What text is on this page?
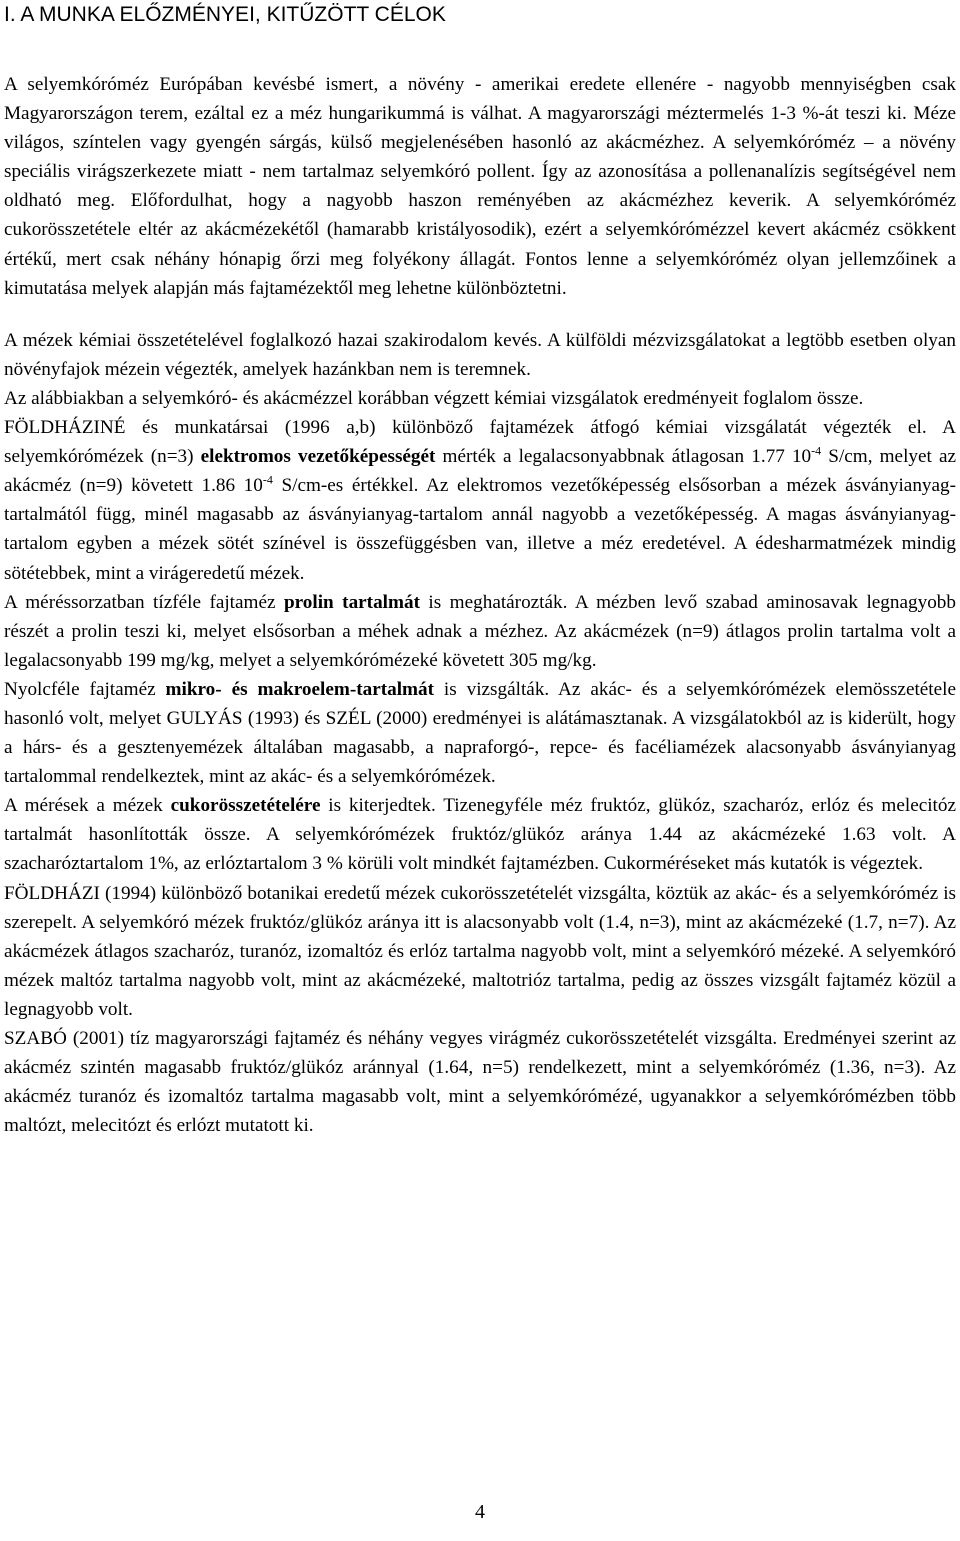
I. A MUNKA ELŐZMÉNYEI, KITŰZÖTT CÉLOK

A selyemkóróméz Európában kevésbé ismert, a növény - amerikai eredete ellenére - nagyobb mennyiségben csak Magyarországon terem, ezáltal ez a méz hungarikummá is válhat. A magyarországi méztermelés 1-3 %-át teszi ki. Méze világos, színtelen vagy gyengén sárgás, külső megjelenésében hasonló az akácmézhez. A selyemkóróméz – a növény speciális virágszerkezete miatt - nem tartalmaz selyemkóró pollent. Így az azonosítása a pollenanalízis segítségével nem oldható meg. Előfordulhat, hogy a nagyobb haszon reményében az akácmézhez keverik. A selyemkóróméz cukorösszetétele eltér az akácmézekétől (hamarabb kristályosodik), ezért a selyemkórómézzel kevert akácméz csökkent értékű, mert csak néhány hónapig őrzi meg folyékony állagát. Fontos lenne a selyemkóróméz olyan jellemzőinek a kimutatása melyek alapján más fajtamézektől meg lehetne különböztetni.

A mézek kémiai összetételével foglalkozó hazai szakirodalom kevés. A külföldi mézvizsgálatokat a legtöbb esetben olyan növényfajok mézein végezték, amelyek hazánkban nem is teremnek.

Az alábbiakban a selyemkóró- és akácmézzel korábban végzett kémiai vizsgálatok eredményeit foglalom össze.

FÖLDHÁZINÉ és munkatársai (1996 a,b) különböző fajtamézek átfogó kémiai vizsgálatát végezték el. A selyemkórómézek (n=3) elektromos vezetőképességét mérték a legalacsonyabbnak átlagosan 1.77 $10^{-4}$ S/cm, melyet az akácméz (n=9) követett 1.86 $10^{-4}$ S/cm-es értékkel. Az elektromos vezetőképesség elsősorban a mézek ásványianyag-tartalmától függ, minél magasabb az ásványianyag-tartalom annál nagyobb a vezetőképesség. A magas ásványianyag-tartalom egyben a mézek sötét színével is összefüggésben van, illetve a méz eredetével. A édesharmatmézek mindig sötétebbek, mint a virágeredetű mézek.

A méréssorzatban tízféle fajtaméz prolin tartalmát is meghatározták. A mézben levő szabad aminosavak legnagyobb részét a prolin teszi ki, melyet elsősorban a méhek adnak a mézhez. Az akácmézek (n=9) átlagos prolin tartalma volt a legalacsonyabb 199 mg/kg, melyet a selyemkórómézeké követett 305 mg/kg.

Nyolcféle fajtaméz mikro- és makroelem-tartalmát is vizsgálták. Az akác- és a selyemkórómézek elemösszetétele hasonló volt, melyet GULYÁS (1993) és SZÉL (2000) eredményei is alátámasztanak. A vizsgálatokból az is kiderült, hogy a hárs- és a gesztenyemézek általában magasabb, a napraforgó-, repce- és facéliamézek alacsonyabb ásványianyag tartalommal rendelkeztek, mint az akác- és a selyemkórómézek.

A mérések a mézek cukorösszetételére is kiterjedtek. Tizenegyféle méz fruktóz, glükóz, szacharóz, erlóz és melecitóz tartalmát hasonlították össze. A selyemkórómézek fruktóz/glükóz aránya 1.44 az akácmézeké 1.63 volt. A szacharóztartalom 1%, az erlóztartalom 3 % körüli volt mindkét fajtamézben. Cukorméréseket más kutatók is végeztek.

FÖLDHÁZI (1994) különböző botanikai eredetű mézek cukorösszetételét vizsgálta, köztük az akác- és a selyemkóróméz is szerepelt. A selyemkóró mézek fruktóz/glükóz aránya itt is alacsonyabb volt (1.4, n=3), mint az akácmézeké (1.7, n=7). Az akácmézek átlagos szacharóz, turanóz, izomaltóz és erlóz tartalma nagyobb volt, mint a selyemkóró mézeké. A selyemkóró mézek maltóz tartalma nagyobb volt, mint az akácmézeké, maltotrióz tartalma, pedig az összes vizsgált fajtaméz közül a legnagyobb volt.

SZABÓ (2001) tíz magyarországi fajtaméz és néhány vegyes virágméz cukorösszetételét vizsgálta. Eredményei szerint az akácméz szintén magasabb fruktóz/glükóz aránnyal (1.64, n=5) rendelkezett, mint a selyemkóróméz (1.36, n=3). Az akácméz turanóz és izomaltóz tartalma magasabb volt, mint a selyemkórómézé, ugyanakkor a selyemkórómézben több maltózt, melecitózt és erlózt mutatott ki.

4
